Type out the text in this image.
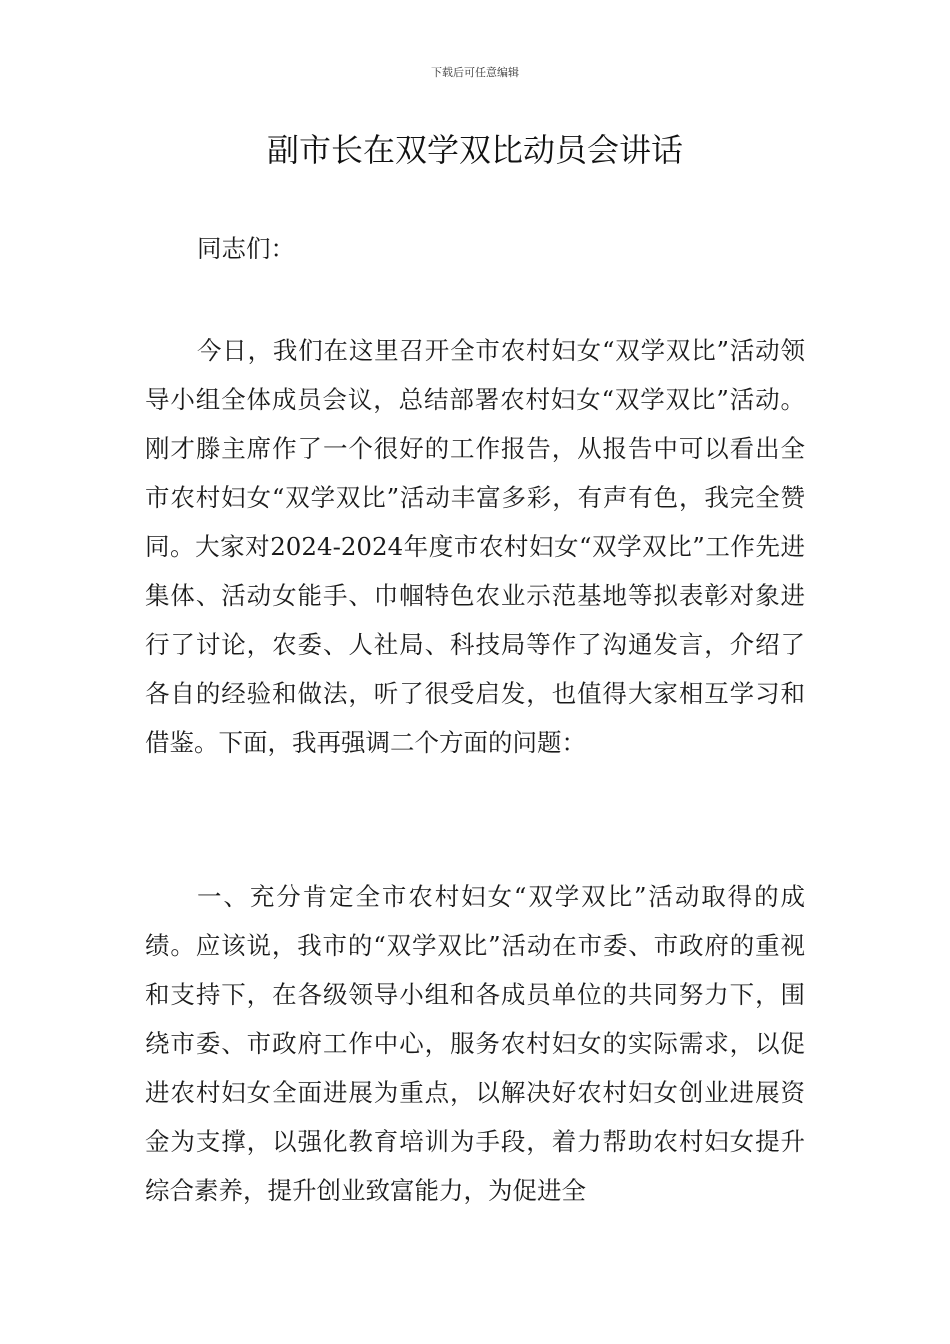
下载后可任意编辑
副市长在双学双比动员会讲话

同志们：

今日，我们在这里召开全市农村妇女“双学双比”活动领导小组全体成员会议，总结部署农村妇女“双学双比”活动。刚才滕主席作了一个很好的工作报告，从报告中可以看出全市农村妇女“双学双比”活动丰富多彩，有声有色，我完全赞同。大家对2024-2024年度市农村妇女“双学双比”工作先进集体、活动女能手、巾帼特色农业示范基地等拟表彰对象进行了讨论，农委、人社局、科技局等作了沟通发言，介绍了各自的经验和做法，听了很受启发，也值得大家相互学习和借鉴。下面，我再强调二个方面的问题：

一、充分肯定全市农村妇女“双学双比”活动取得的成绩。应该说，我市的“双学双比”活动在市委、市政府的重视和支持下，在各级领导小组和各成员单位的共同努力下，围绕市委、市政府工作中心，服务农村妇女的实际需求，以促进农村妇女全面进展为重点，以解决好农村妇女创业进展资金为支撑，以强化教育培训为手段，着力帮助农村妇女提升综合素养，提升创业致富能力，为促进全
